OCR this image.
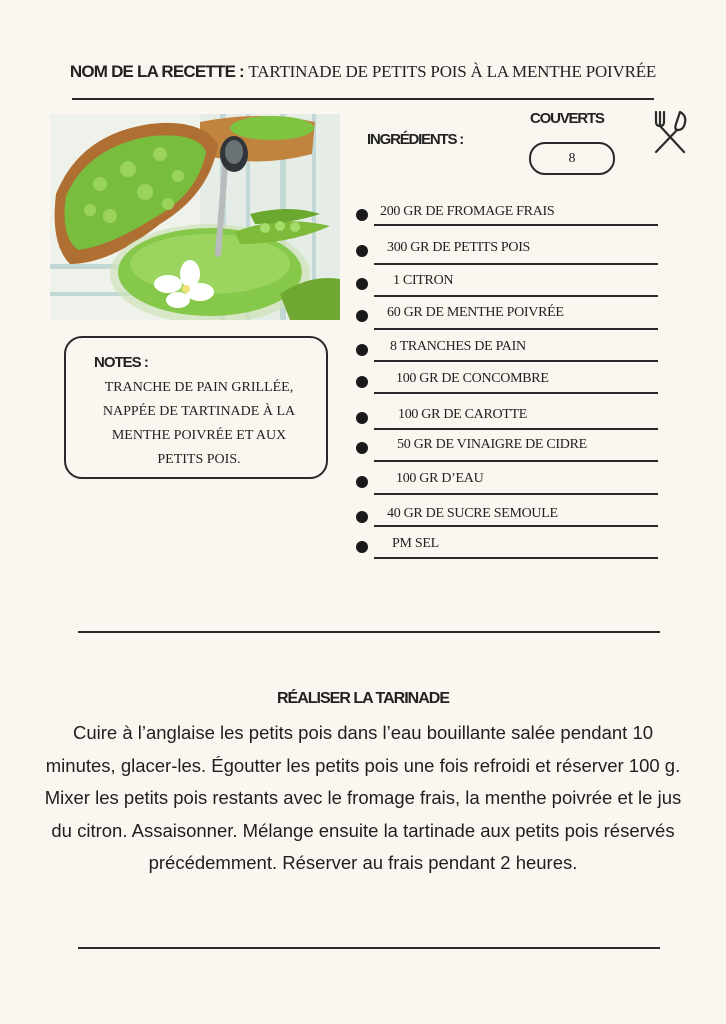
NOM DE LA RECETTE : TARTINADE DE PETITS POIS À LA MENTHE POIVRÉE
NOTES :
TRANCHE DE PAIN GRILLÉE, NAPPÉE DE TARTINADE À LA MENTHE POIVRÉE ET AUX PETITS POIS.
INGRÉDIENTS :
COUVERTS
8
200 GR DE FROMAGE FRAIS
300 GR DE PETITS POIS
1 CITRON
60 GR DE MENTHE POIVRÉE
8 TRANCHES DE PAIN
100 GR DE CONCOMBRE
100 GR DE CAROTTE
50 GR DE VINAIGRE DE CIDRE
100 GR D’EAU
40 GR DE SUCRE SEMOULE
PM SEL
RÉALISER LA TARINADE
Cuire à l’anglaise les petits pois dans l’eau bouillante salée pendant 10 minutes, glacer-les. Égoutter les petits pois une fois refroidi et réserver 100 g. Mixer les petits pois restants avec le fromage frais, la menthe poivrée et le jus du citron. Assaisonner. Mélange ensuite la tartinade aux petits pois réservés précédemment. Réserver au frais pendant 2 heures.
